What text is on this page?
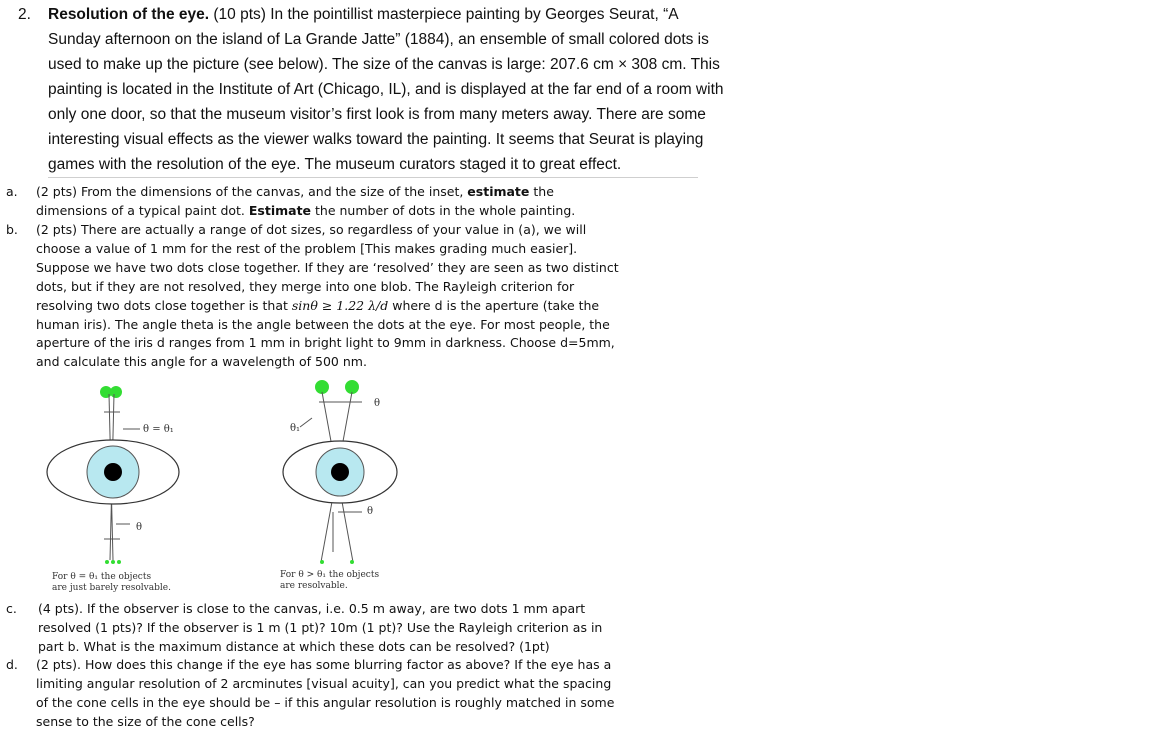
2. Resolution of the eye. (10 pts) In the pointillist masterpiece painting by Georges Seurat, “A
Sunday afternoon on the island of La Grande Jatte” (1884), an ensemble of small colored dots is
used to make up the picture (see below). The size of the canvas is large: 207.6 cm × 308 cm. This
painting is located in the Institute of Art (Chicago, IL), and is displayed at the far end of a room with
only one door, so that the museum visitor’s first look is from many meters away. There are some
interesting visual effects as the viewer walks toward the painting. It seems that Seurat is playing
games with the resolution of the eye. The museum curators staged it to great effect.
a. (2 pts) From the dimensions of the canvas, and the size of the inset, estimate the
dimensions of a typical paint dot. Estimate the number of dots in the whole painting.
b. (2 pts) There are actually a range of dot sizes, so regardless of your value in (a), we will
choose a value of 1 mm for the rest of the problem [This makes grading much easier].
Suppose we have two dots close together. If they are ‘resolved’ they are seen as two distinct
dots, but if they are not resolved, they merge into one blob. The Rayleigh criterion for
resolving two dots close together is that sinθ ≥ 1.22 λ/d where d is the aperture (take the
human iris). The angle theta is the angle between the dots at the eye. For most people, the
aperture of the iris d ranges from 1 mm in bright light to 9mm in darkness. Choose d=5mm,
and calculate this angle for a wavelength of 500 nm.
θ = θ₁
θ
θ₁
θ
θ
For θ = θ₁ the objects
are just barely resolvable.
For θ > θ₁ the objects
are resolvable.
c. (4 pts). If the observer is close to the canvas, i.e. 0.5 m away, are two dots 1 mm apart
resolved (1 pts)? If the observer is 1 m (1 pt)? 10m (1 pt)? Use the Rayleigh criterion as in
part b. What is the maximum distance at which these dots can be resolved? (1pt)
d. (2 pts). How does this change if the eye has some blurring factor as above? If the eye has a
limiting angular resolution of 2 arcminutes [visual acuity], can you predict what the spacing
of the cone cells in the eye should be – if this angular resolution is roughly matched in some
sense to the size of the cone cells?
